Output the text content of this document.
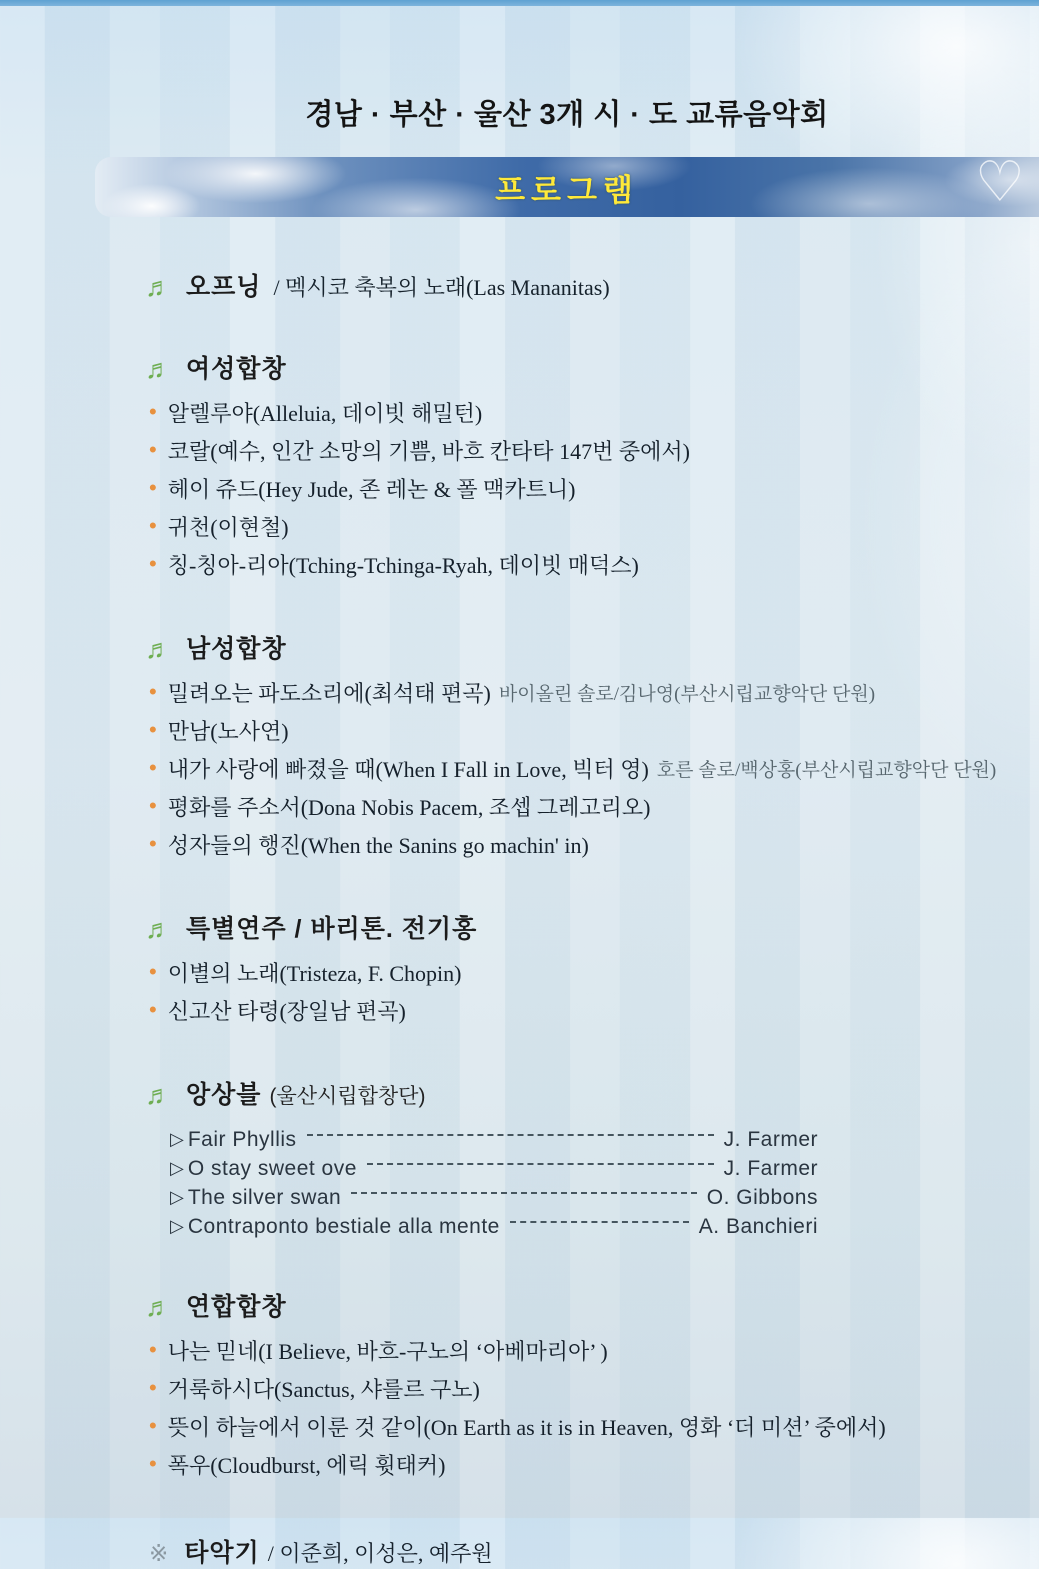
경남 · 부산 · 울산 3개 시 · 도 교류음악회
프로그램	♡
♬ 오프닝 / 멕시코 축복의 노래(Las Mananitas)
♬ 여성합창
• 알렐루야(Alleluia, 데이빗 해밀턴)
• 코랄(예수, 인간 소망의 기쁨, 바흐 칸타타 147번 중에서)
• 헤이 쥬드(Hey Jude, 존 레논 & 폴 맥카트니)
• 귀천(이현철)
• 칭-칭아-리아(Tching-Tchinga-Ryah, 데이빗 매덕스)
♬ 남성합창
• 밀려오는 파도소리에(최석태 편곡) 바이올린 솔로/김나영(부산시립교향악단 단원)
• 만남(노사연)
• 내가 사랑에 빠졌을 때(When I Fall in Love, 빅터 영) 호른 솔로/백상홍(부산시립교향악단 단원)
• 평화를 주소서(Dona Nobis Pacem, 조셉 그레고리오)
• 성자들의 행진(When the Sanins go machin' in)
♬ 특별연주 / 바리톤. 전기홍
• 이별의 노래(Tristeza, F. Chopin)
• 신고산 타령(장일남 편곡)
♬ 앙상블 (울산시립합창단)
▷ Fair Phyllis	J. Farmer
▷ O stay sweet ove	J. Farmer
▷ The silver swan	O. Gibbons
▷ Contraponto bestiale alla mente	A. Banchieri
♬ 연합합창
• 나는 믿네(I Believe, 바흐-구노의 ‘아베마리아’ )
• 거룩하시다(Sanctus, 샤를르 구노)
• 뜻이 하늘에서 이룬 것 같이(On Earth as it is in Heaven, 영화 ‘더 미션’ 중에서)
• 폭우(Cloudburst, 에릭 휫태커)
※ 타악기 / 이준희, 이성은, 예주원
